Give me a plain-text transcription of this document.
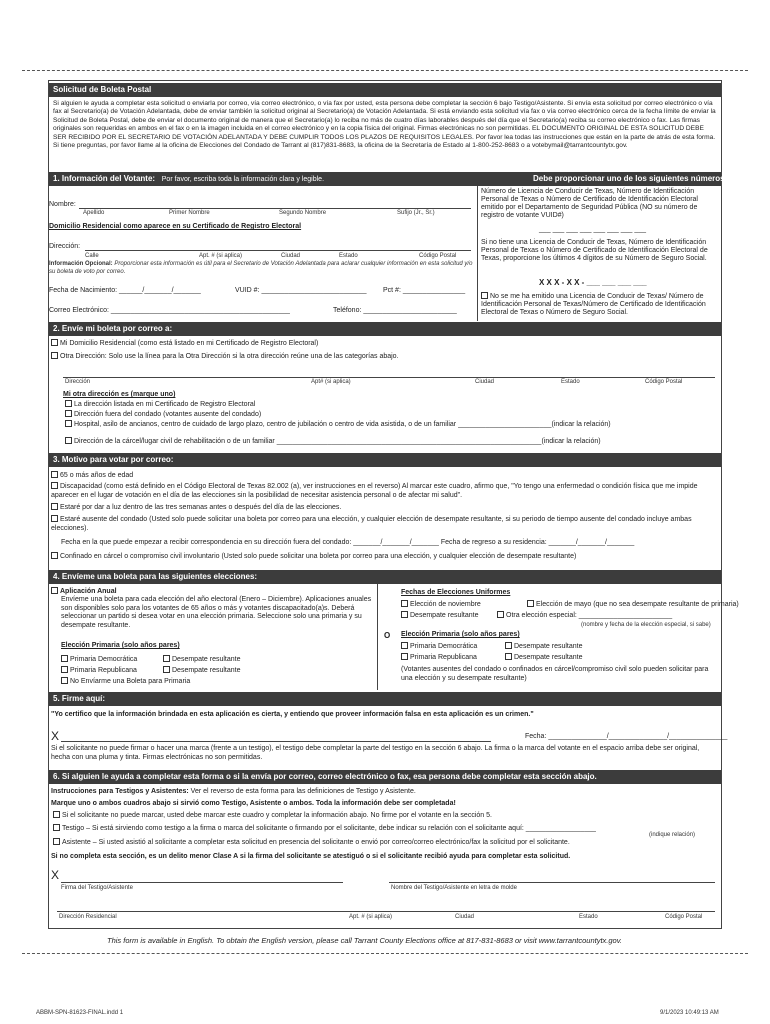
Solicitud de Boleta Postal
Si alguien le ayuda a completar esta solicitud o enviarla por correo, vía correo electrónico, o vía fax por usted, esta persona debe completar la sección 6 bajo Testigo/Asistente. Si envía esta solicitud por correo electrónico o vía fax al Secretario(a) de Votación Adelantada, debe de enviar también la solicitud original al Secretario(a) de Votación Adelantada. Si está enviando esta solicitud vía fax o vía correo electrónico cerca de la fecha límite de enviar la Solicitud de Boleta Postal, debe de enviar el documento original de manera que el Secretario(a) lo reciba no más de cuatro días laborables después del día que el Secretario(a) reciba su correo electrónico o fax. Las firmas originales son requeridas en ambos en el fax o en la imagen incluida en el correo electrónico y en la copia física del original. Firmas electrónicas no son permitidas. EL DOCUMENTO ORIGINAL DE ESTA SOLICITUD DEBE SER RECIBIDO POR EL SECRETARIO DE VOTACIÓN ADELANTADA Y DEBE CUMPLIR TODOS LOS PLAZOS DE REQUISITOS LEGALES. Por favor lea todas las instrucciones que están en la parte de atrás de esta forma. Si tiene preguntas, por favor llame al la oficina de Elecciones del Condado de Tarrant al (817)831-8683, la oficina de la Secretaría de Estado al 1-800-252-8683 o a votebymail@tarrantcountytx.gov.
1. Información del Votante: Por favor, escriba toda la información clara y legible.	Debe proporcionar uno de los siguientes números.
Nombre:
Apellido	Primer Nombre	Segundo Nombre	Sufijo (Jr., Sr.)
Domicilio Residencial como aparece en su Certificado de Registro Electoral
Dirección:
Calle	Apt. # (si aplica)	Ciudad	Estado	Código Postal
Información Opcional: Proporcionar esta información es útil para el Secretario de Votación Adelantada para aclarar cualquier información en esta solicitud y/o su boleta de voto por correo.
Fecha de Nacimiento: ______/_______/_______	VUID #: ___________________________ Pct #: ________________
Correo Electrónico: ______________________________________________	Teléfono: ________________________
Número de Licencia de Conducir de Texas, Número de Identificación Personal de Texas o Número de Certificado de Identificación Electoral emitido por el Departamento de Seguridad Pública (NO su número de registro de votante VUID#)
___ ___ ___ ___ ___ ___ ___ ___
Si no tiene una Licencia de Conducir de Texas, Número de Identificación Personal de Texas o Número de Certificado de Identificación Electoral de Texas, proporcione los últimos 4 dígitos de su Número de Seguro Social.
X X X - X X - ___ ___ ___ ___
No se me ha emitido una Licencia de Conducir de Texas/ Número de Identificación Personal de Texas/Número de Certificado de Identificación Electoral de Texas o Número de Seguro Social.
2. Envíe mi boleta por correo a:
Mi Domicilio Residencial (como está listado en mi Certificado de Registro Electoral)
Otra Dirección: Solo use la línea para la Otra Dirección si la otra dirección reúne una de las categorías abajo.
Dirección	Apt# (si aplica)	Ciudad	Estado	Código Postal
Mi otra dirección es (marque uno)
La dirección listada en mi Certificado de Registro Electoral
Dirección fuera del condado (votantes ausente del condado)
Hospital, asilo de ancianos, centro de cuidado de largo plazo, centro de jubilación o centro de vida asistida, o de un familiar ________________________(indicar la relación)
Dirección de la cárcel/lugar civil de rehabilitación o de un familiar ____________________________________________________________________(indicar la relación)
3. Motivo para votar por correo:
65 o más años de edad
Discapacidad (como está definido en el Código Electoral de Texas 82.002 (a), ver instrucciones en el reverso) Al marcar este cuadro, afirmo que, "Yo tengo una enfermedad o condición física que me impide aparecer en el lugar de votación en el día de las elecciones sin la posibilidad de necesitar asistencia personal o de afectar mi salud".
Estaré por dar a luz dentro de las tres semanas antes o después del día de las elecciones.
Estaré ausente del condado (Usted solo puede solicitar una boleta por correo para una elección, y cualquier elección de desempate resultante, si su periodo de tiempo ausente del condado incluye ambas elecciones).
Fecha en la que puede empezar a recibir correspondencia en su dirección fuera del condado: _______/_______/_______ Fecha de regreso a su residencia: _______/_______/_______
Confinado en cárcel o compromiso civil involuntario (Usted solo puede solicitar una boleta por correo para una elección, y cualquier elección de desempate resultante)
4. Envíeme una boleta para las siguientes elecciones:
Aplicación Anual
Envíeme una boleta para cada elección del año electoral (Enero – Diciembre). Aplicaciones anuales son disponibles solo para los votantes de 65 años o más y votantes discapacitado(a)s. Deberá seleccionar un partido si desea votar en una elección primaria. Seleccione solo una primaria y su desempate resultante.
Elección Primaria (solo años pares)
Primaria Democrática	Desempate resultante
Primaria Republicana	Desempate resultante
No Envíarme una Boleta para Primaria
O
Fechas de Elecciones Uniformes
Elección de noviembre	Elección de mayo (que no sea desempate resultante de primaria)
Desempate resultante	Otra elección especial: ________________________
(nombre y fecha de la elección especial, si sabe)
Elección Primaria (solo años pares)
Primaria Democrática	Desempate resultante
Primaria Republicana	Desempate resultante
(Votantes ausentes del condado o confinados en cárcel/compromiso civil solo pueden solicitar para una elección y su desempate resultante)
5. Firme aquí:
"Yo certifico que la información brindada en esta aplicación es cierta, y entiendo que proveer información falsa en esta aplicación es un crimen."
X	Fecha: _______________/_______________/_______________
Si el solicitante no puede firmar o hacer una marca (frente a un testigo), el testigo debe completar la parte del testigo en la sección 6 abajo. La firma o la marca del votante en el espacio arriba debe ser original, hecha con una pluma y tinta. Firmas electrónicas no son permitidas.
6. Si alguien le ayuda a completar esta forma o si la envía por correo, correo electrónico o fax, esa persona debe completar esta sección abajo.
Instrucciones para Testigos y Asistentes: Ver el reverso de esta forma para las definiciones de Testigo y Asistente.
Marque uno o ambos cuadros abajo si sirvió como Testigo, Asistente o ambos. Toda la información debe ser completada!
Si el solicitante no puede marcar, usted debe marcar este cuadro y completar la información abajo. No firme por el votante en la sección 5.
Testigo – Si está sirviendo como testigo a la firma o marca del solicitante o firmando por el solicitante, debe indicar su relación con el solicitante aquí: __________________
(indique relación)
Asistente – Si usted asistió al solicitante a completar esta solicitud en presencia del solicitante o envió por correo/correo electrónico/fax la solicitud por el solicitante.
Si no completa esta sección, es un delito menor Clase A si la firma del solicitante se atestiguó o si el solicitante recibió ayuda para completar esta solicitud.
X
Firma del Testigo/Asistente	Nombre del Testigo/Asistente en letra de molde
Dirección Residencial	Apt. # (si aplica)	Ciudad	Estado	Código Postal
This form is available in English. To obtain the English version, please call Tarrant County Elections office at 817-831-8683 or visit www.tarrantcountytx.gov.
ABBM-SPN-81623-FINAL.indd 1	9/1/2023 10:49:13 AM
